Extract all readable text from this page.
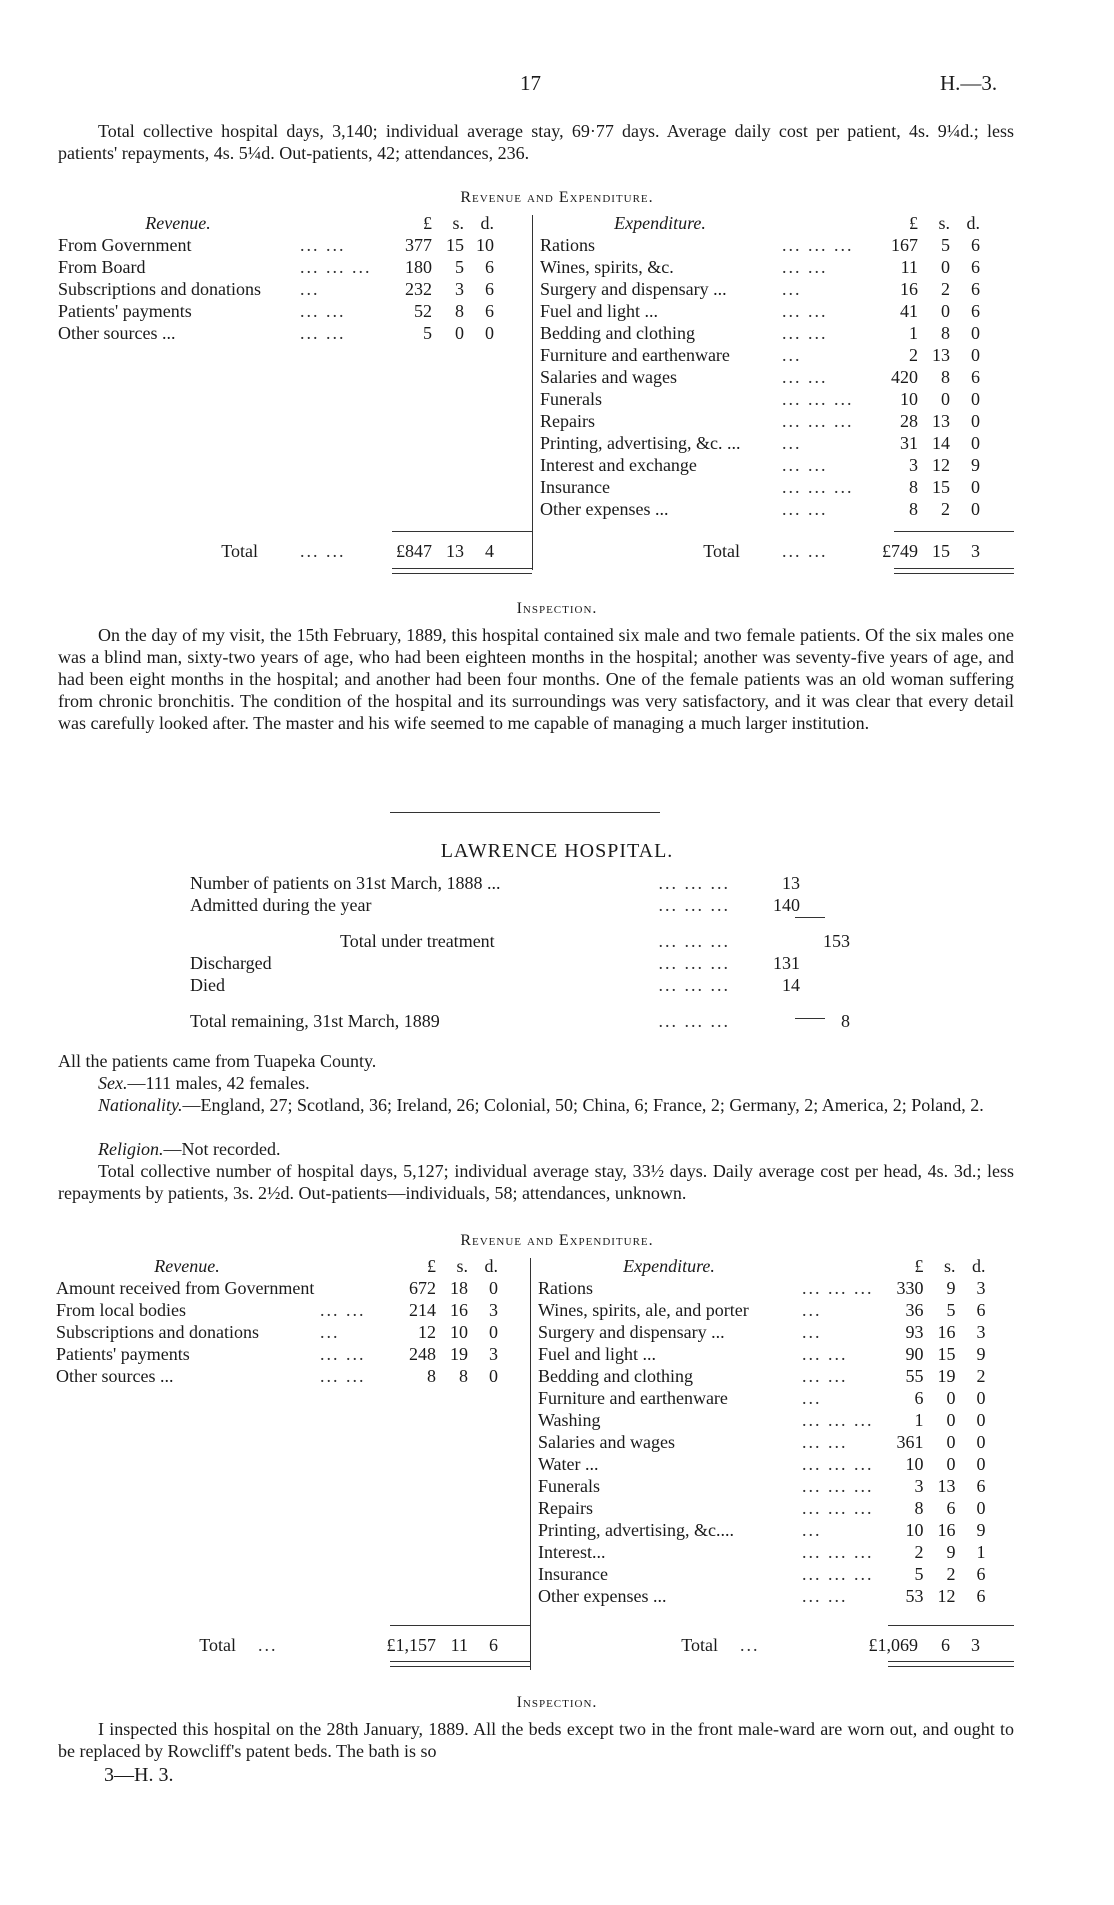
17	H.—3.
Total collective hospital days, 3,140; individual average stay, 69·77 days. Average daily cost per patient, 4s. 9¼d.; less patients' repayments, 4s. 5¼d. Out-patients, 42; attendances, 236.
Revenue and Expenditure.
Revenue.		£	s.	d.
From Government	... ...	377	15	10
From Board	... ... ...	180	5	6
Subscriptions and donations	...	232	3	6
Patients' payments	... ...	52	8	6
Other sources ...	... ...	5	0	0
Expenditure.		£	s.	d.
Rations	... ... ...	167	5	6
Wines, spirits, &c.	... ...	11	0	6
Surgery and dispensary ...	...	16	2	6
Fuel and light ...	... ...	41	0	6
Bedding and clothing	... ...	1	8	0
Furniture and earthenware	...	2	13	0
Salaries and wages	... ...	420	8	6
Funerals	... ... ...	10	0	0
Repairs	... ... ...	28	13	0
Printing, advertising, &c. ...	...	31	14	0
Interest and exchange	... ...	3	12	9
Insurance	... ... ...	8	15	0
Other expenses ...	... ...	8	2	0
Total	... ...	£847	13	4	Total	... ...	£749	15	3
Inspection.
On the day of my visit, the 15th February, 1889, this hospital contained six male and two female patients. Of the six males one was a blind man, sixty-two years of age, who had been eighteen months in the hospital; another was seventy-five years of age, and had been eight months in the hospital; and another had been four months. One of the female patients was an old woman suffering from chronic bronchitis. The condition of the hospital and its surroundings was very satisfactory, and it was clear that every detail was carefully looked after. The master and his wife seemed to me capable of managing a much larger institution.
LAWRENCE HOSPITAL.
Number of patients on 31st March, 1888 ...	... ... ...	13	
Admitted during the year	... ... ...	140	

Total under treatment	... ... ...		153
Discharged	... ... ...	131	
Died	... ... ...	14	

Total remaining, 31st March, 1889	... ... ...		8
All the patients came from Tuapeka County.
Sex.—111 males, 42 females.
Nationality.—England, 27; Scotland, 36; Ireland, 26; Colonial, 50; China, 6; France, 2; Germany, 2; America, 2; Poland, 2.
Religion.—Not recorded.
Total collective number of hospital days, 5,127; individual average stay, 33½ days. Daily average cost per head, 4s. 3d.; less repayments by patients, 3s. 2½d. Out-patients—individuals, 58; attendances, unknown.
Revenue and Expenditure.
Revenue.		£	s.	d.
Amount received from Government		672	18	0
From local bodies	... ...	214	16	3
Subscriptions and donations	...	12	10	0
Patients' payments	... ...	248	19	3
Other sources ...	... ...	8	8	0
Expenditure.		£	s.	d.
Rations	... ... ...	330	9	3
Wines, spirits, ale, and porter	...	36	5	6
Surgery and dispensary ...	...	93	16	3
Fuel and light ...	... ...	90	15	9
Bedding and clothing	... ...	55	19	2
Furniture and earthenware	...	6	0	0
Washing	... ... ...	1	0	0
Salaries and wages	... ...	361	0	0
Water ...	... ... ...	10	0	0
Funerals	... ... ...	3	13	6
Repairs	... ... ...	8	6	0
Printing, advertising, &c....	...	10	16	9
Interest...	... ... ...	2	9	1
Insurance	... ... ...	5	2	6
Other expenses ...	... ...	53	12	6
Total	...	£1,157	11	6	Total	...	£1,069	6	3
Inspection.
I inspected this hospital on the 28th January, 1889. All the beds except two in the front male-ward are worn out, and ought to be replaced by Rowcliff's patent beds. The bath is so
3—H. 3.
